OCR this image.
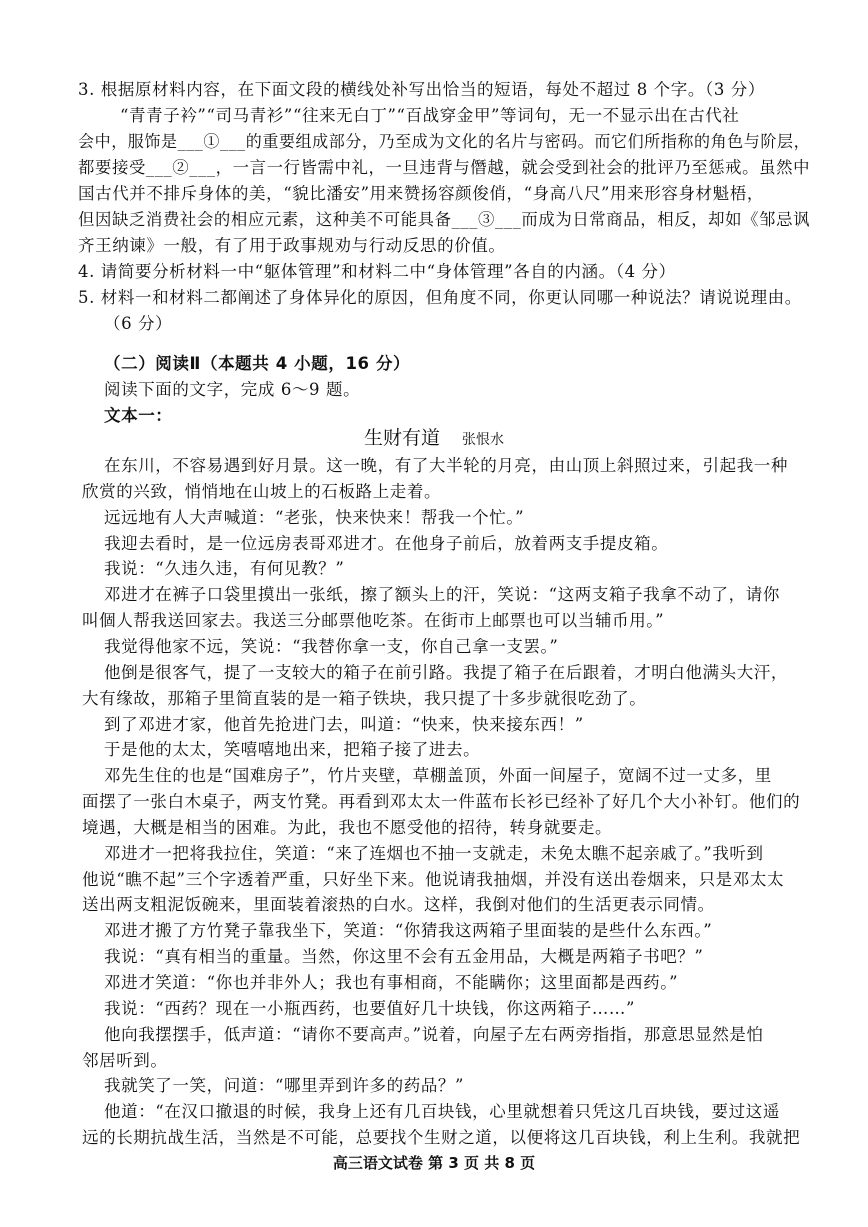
3. 根据原材料内容，在下面文段的横线处补写出恰当的短语，每处不超过 8 个字。（3 分）
“青青子衿”“司马青衫”“往来无白丁”“百战穿金甲”等词句，无一不显示出在古代社
会中，服饰是___①___的重要组成部分，乃至成为文化的名片与密码。而它们所指称的角色与阶层，
都要接受___②___，一言一行皆需中礼，一旦违背与僭越，就会受到社会的批评乃至惩戒。虽然中
国古代并不排斥身体的美，“貌比潘安”用来赞扬容颜俊俏，“身高八尺”用来形容身材魁梧，
但因缺乏消费社会的相应元素，这种美不可能具备___③___而成为日常商品，相反，却如《邹忌讽
齐王纳谏》一般，有了用于政事规劝与行动反思的价值。
4. 请简要分析材料一中“躯体管理”和材料二中“身体管理”各自的内涵。（4 分）
5. 材料一和材料二都阐述了身体异化的原因，但角度不同，你更认同哪一种说法？请说说理由。
（6 分）
（二）阅读Ⅱ（本题共 4 小题，16 分）
阅读下面的文字，完成 6～9 题。
文本一：
生财有道 张恨水
在东川，不容易遇到好月景。这一晚，有了大半轮的月亮，由山顶上斜照过来，引起我一种
欣赏的兴致，悄悄地在山坡上的石板路上走着。
远远地有人大声喊道：“老张，快来快来！帮我一个忙。”
我迎去看时，是一位远房表哥邓进才。在他身子前后，放着两支手提皮箱。
我说：“久违久违，有何见教？”
邓进才在裤子口袋里摸出一张纸，擦了额头上的汗，笑说：“这两支箱子我拿不动了，请你
叫個人帮我送回家去。我送三分邮票他吃茶。在街市上邮票也可以当辅币用。”
我觉得他家不远，笑说：“我替你拿一支，你自己拿一支罢。”
他倒是很客气，提了一支较大的箱子在前引路。我提了箱子在后跟着，才明白他满头大汗，
大有缘故，那箱子里简直装的是一箱子铁块，我只提了十多步就很吃劲了。
到了邓进才家，他首先抢进门去，叫道：“快来，快来接东西！”
于是他的太太，笑嘻嘻地出来，把箱子接了进去。
邓先生住的也是“国难房子”，竹片夹壁，草棚盖顶，外面一间屋子，宽阔不过一丈多，里
面摆了一张白木桌子，两支竹凳。再看到邓太太一件蓝布长衫已经补了好几个大小补钉。他们的
境遇，大概是相当的困难。为此，我也不愿受他的招待，转身就要走。
邓进才一把将我拉住，笑道：“来了连烟也不抽一支就走，未免太瞧不起亲戚了。”我听到
他说“瞧不起”三个字透着严重，只好坐下来。他说请我抽烟，并没有送出卷烟来，只是邓太太
送出两支粗泥饭碗来，里面装着滚热的白水。这样，我倒对他们的生活更表示同情。
邓进才搬了方竹凳子靠我坐下，笑道：“你猜我这两箱子里面装的是些什么东西。”
我说：“真有相当的重量。当然，你这里不会有五金用品，大概是两箱子书吧？”
邓进才笑道：“你也并非外人；我也有事相商，不能瞒你；这里面都是西药。”
我说：“西药？现在一小瓶西药，也要值好几十块钱，你这两箱子……”
他向我摆摆手，低声道：“请你不要高声。”说着，向屋子左右两旁指指，那意思显然是怕
邻居听到。
我就笑了一笑，问道：“哪里弄到许多的药品？”
他道：“在汉口撤退的时候，我身上还有几百块钱，心里就想着只凭这几百块钱，要过这遥
远的长期抗战生活，当然是不可能，总要找个生财之道，以便将这几百块钱，利上生利。我就把
高三语文试卷 第 3 页 共 8 页
